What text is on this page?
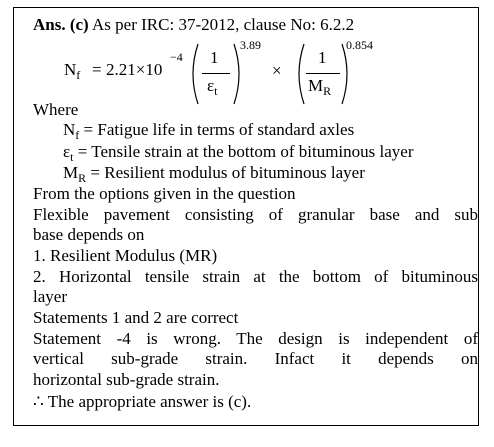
Ans. (c) As per IRC: 37-2012, clause No: 6.2.2
$N_f = 2.21\times 10$
−4 1
$\varepsilon_t$
3.89
×
1
$M_R$
0.854
Where
$N_f$ = Fatigue life in terms of standard axles
$\varepsilon_t$ = Tensile strain at the bottom of bituminous layer
$M_R$ = Resilient modulus of bituminous layer
From the options given in the question
Flexible pavement consisting of granular base and sub
base depends on
1. Resilient Modulus (MR)
2. Horizontal tensile strain at the bottom of bituminous
layer
Statements 1 and 2 are correct
Statement -4 is wrong. The design is independent of
vertical sub-grade strain. Infact it depends on
horizontal sub-grade strain.
∴ The appropriate answer is (c).
